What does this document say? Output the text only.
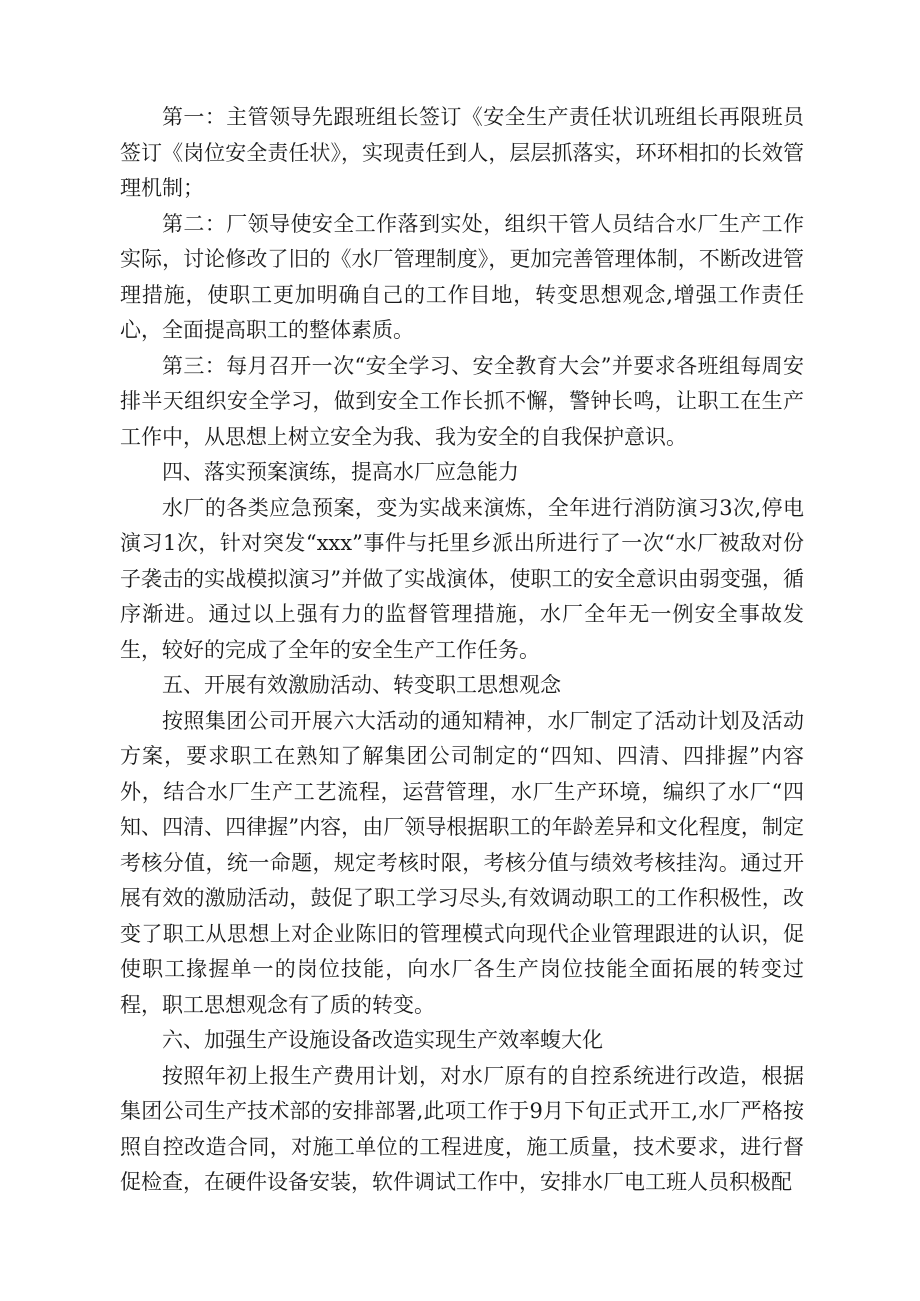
第一：主管领导先跟班组长签订《安全生产责任状讥班组长再限班员签订《岗位安全责任状》，实现责任到人，层层抓落实，环环相扣的长效管理机制；

第二：厂领导使安全工作落到实处，组织干管人员结合水厂生产工作实际，讨论修改了旧的《水厂管理制度》，更加完善管理体制，不断改进管理措施，使职工更加明确自己的工作目地，转变思想观念,增强工作责任心，全面提高职工的整体素质。

第三：每月召开一次“安全学习、安全教育大会”并要求各班组每周安排半天组织安全学习，做到安全工作长抓不懈，警钟长鸣，让职工在生产工作中，从思想上树立安全为我、我为安全的自我保护意识。

四、落实预案演练，提高水厂应急能力

水厂的各类应急预案，变为实战来演炼，全年进行消防演习3次,停电演习1次，针对突发“xxx”事件与托里乡派出所进行了一次“水厂被敌对份子袭击的实战模拟演习”并做了实战演体，使职工的安全意识由弱变强，循序渐进。通过以上强有力的监督管理措施，水厂全年无一例安全事故发生，较好的完成了全年的安全生产工作任务。

五、开展有效激励活动、转变职工思想观念

按照集团公司开展六大活动的通知精神，水厂制定了活动计划及活动方案，要求职工在熟知了解集团公司制定的“四知、四清、四排握”内容外，结合水厂生产工艺流程，运营管理，水厂生产环境，编织了水厂“四知、四清、四律握”内容，由厂领导根据职工的年龄差异和文化程度，制定考核分值，统一命题，规定考核时限，考核分值与绩效考核挂沟。通过开展有效的激励活动，鼓促了职工学习尽头,有效调动职工的工作积极性，改变了职工从思想上对企业陈旧的管理模式向现代企业管理跟进的认识，促使职工掾握单一的岗位技能，向水厂各生产岗位技能全面拓展的转变过程，职工思想观念有了质的转变。

六、加强生产设施设备改造实现生产效率蝮大化

按照年初上报生产费用计划，对水厂原有的自控系统进行改造，根据集团公司生产技术部的安排部署,此项工作于9月下旬正式开工,水厂严格按照自控改造合同，对施工单位的工程进度，施工质量，技术要求，进行督促检查，在硬件设备安装，软件调试工作中，安排水厂电工班人员积极配
